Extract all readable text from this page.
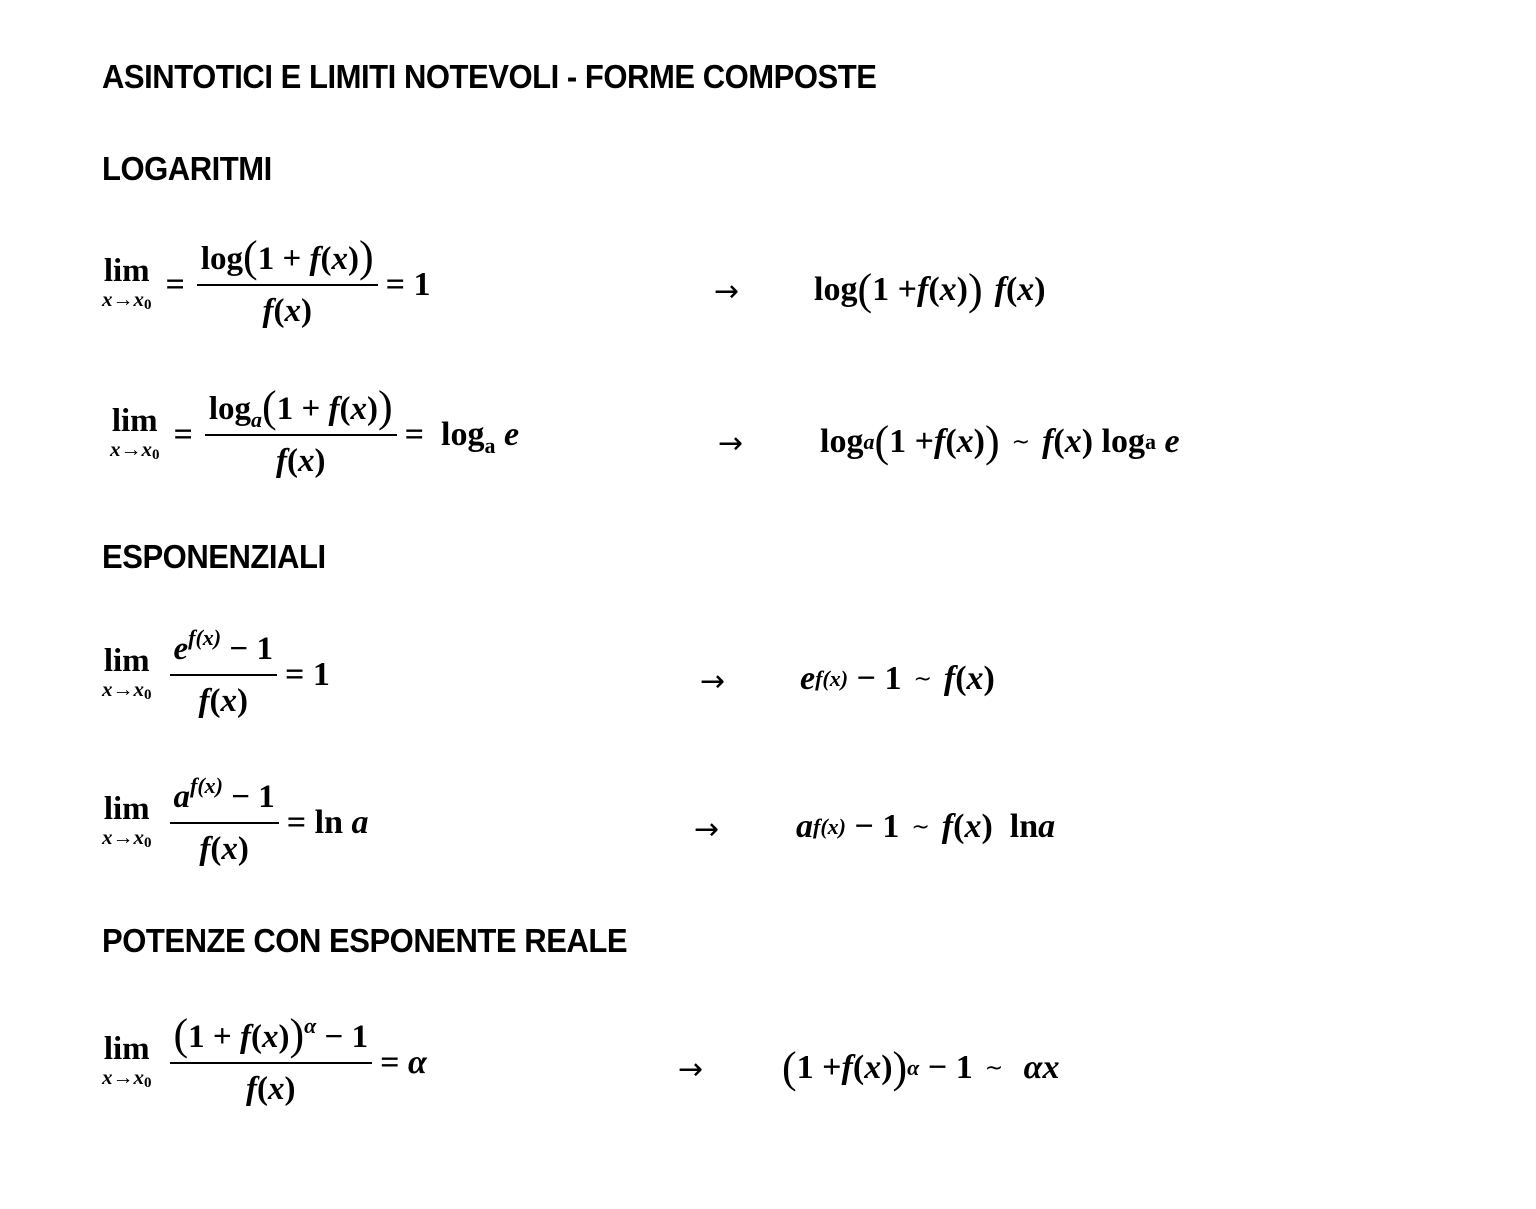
ASINTOTICI E LIMITI NOTEVOLI - FORME COMPOSTE
LOGARITMI
lim
x→x0
= $\frac{\log(1 + f(x))}{f(x)} = 1$	→ log ( 1 + f ( x ) ) f ( x )
lim
x→x0
= $\frac{\log_a(1 + f(x))}{f(x)} = \log_a e$	→ log a ( 1 + f ( x ) ) ~ f ( x ) log a
e
ESPONENZIALI
lim
$x\to x0 \frac{e^{f(x)} - 1}{f(x)} = 1$	→ e f(x) − 1 ~ f ( x )
lim
$x\to x0 \frac{a^{f(x)} - 1}{f(x)} = \ln a$	→ a f(x) − 1 ~ f ( x )  ln a
POTENZE CON ESPONENTE REALE
lim
$x\to x0 \frac{(1 + f(x))^\alpha - 1}{f(x)} = \alpha$	→ ( 1 + f ( x ) ) α − 1 ~
αx
